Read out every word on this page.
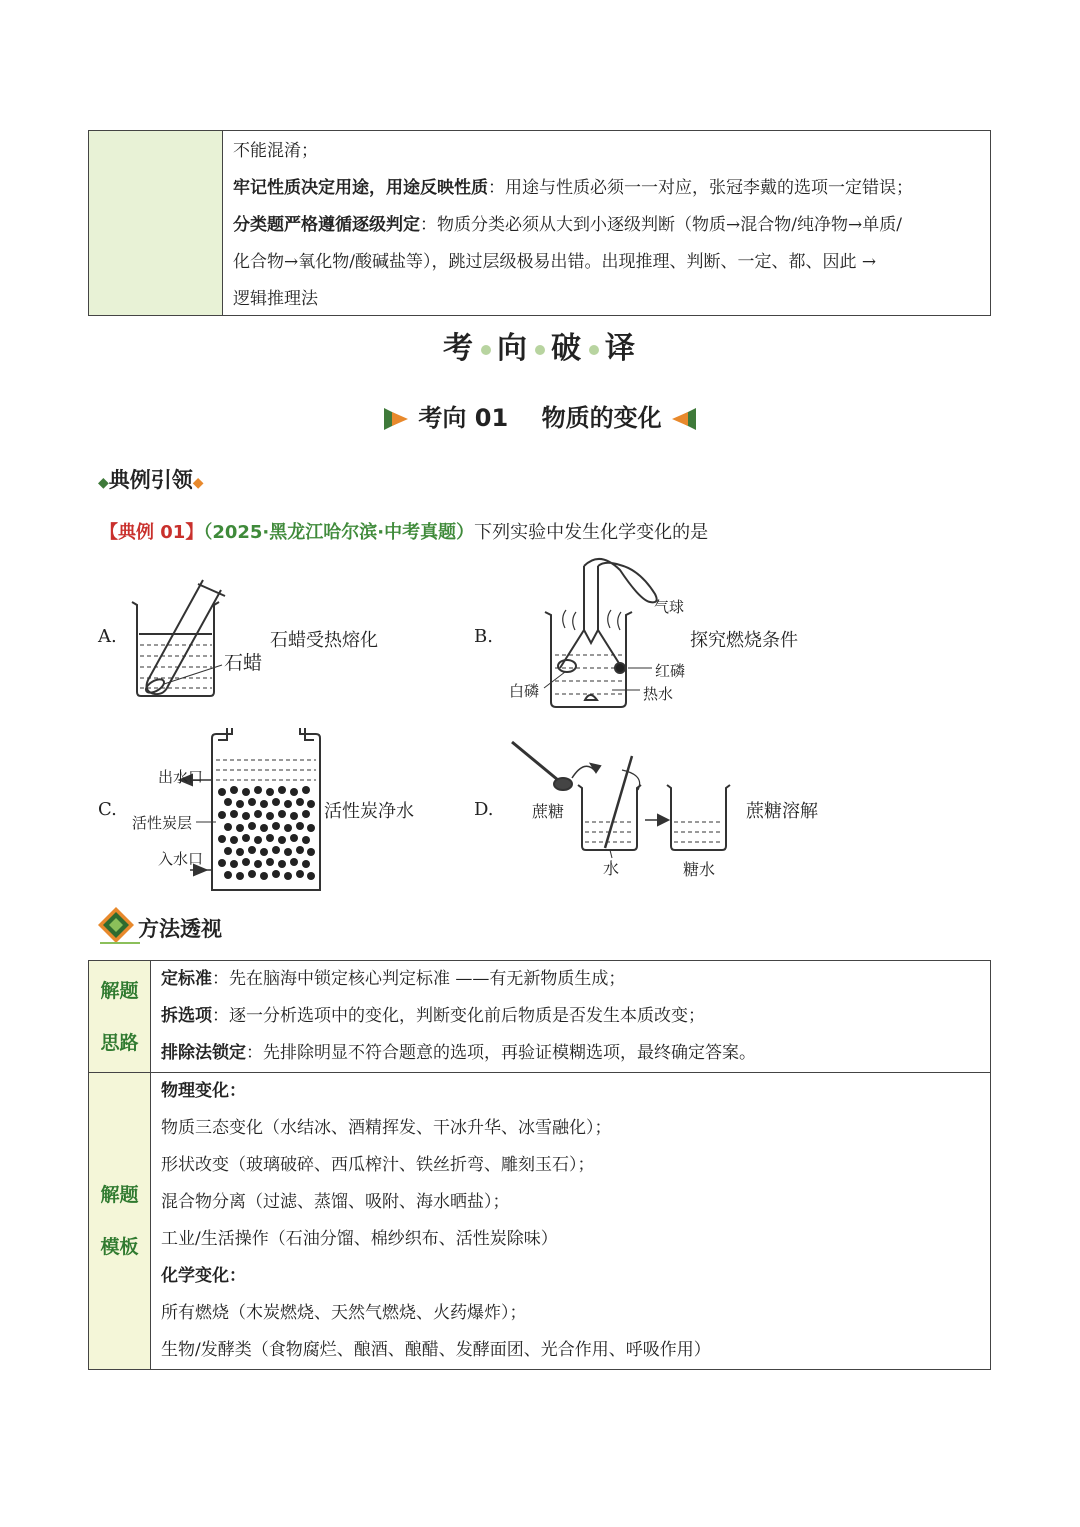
不能混淆；
牢记性质决定用途，用途反映性质：用途与性质必须一一对应，张冠李戴的选项一定错误；
分类题严格遵循逐级判定：物质分类必须从大到小逐级判断（物质→混合物/纯净物→单质/
化合物→氧化物/酸碱盐等），跳过层级极易出错。出现推理、判断、一定、都、因此 →
逻辑推理法
考 向 破 译
考向 01    物质的变化
◆典例引领◆
【典例 01】（2025·黑龙江哈尔滨·中考真题）下列实验中发生化学变化的是
A.	石蜡受热熔化
石蜡
B.	探究燃烧条件
气球
红磷
白磷	热水
C.	活性炭净水
出水口
活性炭层
入水口
D.	蔗糖溶解
蔗糖
水	糖水
方法透视
解题
思路
定标准：先在脑海中锁定核心判定标准 ——有无新物质生成；
拆选项：逐一分析选项中的变化，判断变化前后物质是否发生本质改变；
排除法锁定：先排除明显不符合题意的选项，再验证模糊选项，最终确定答案。
解题
模板
物理变化：
物质三态变化（水结冰、酒精挥发、干冰升华、冰雪融化）；
形状改变（玻璃破碎、西瓜榨汁、铁丝折弯、雕刻玉石）；
混合物分离（过滤、蒸馏、吸附、海水晒盐）；
工业/生活操作（石油分馏、棉纱织布、活性炭除味）
化学变化：
所有燃烧（木炭燃烧、天然气燃烧、火药爆炸）；
生物/发酵类（食物腐烂、酿酒、酿醋、发酵面团、光合作用、呼吸作用）
